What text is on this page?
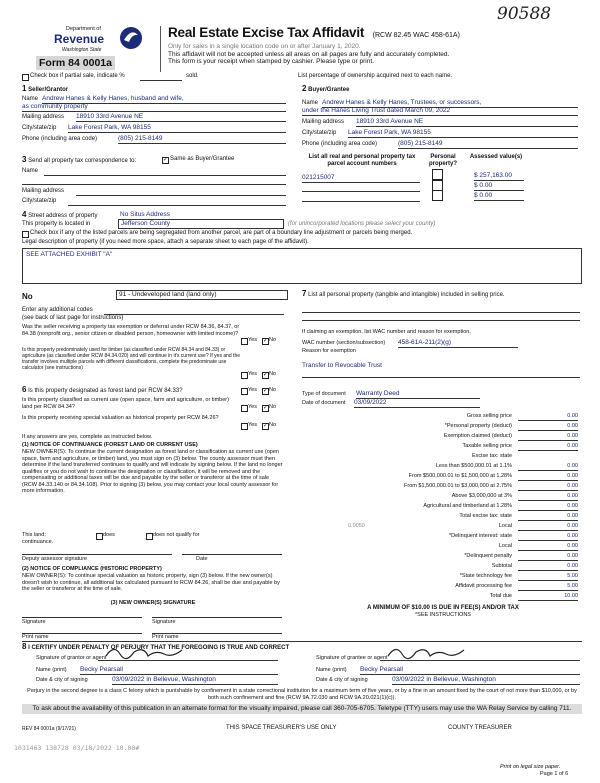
90588
Department of
Revenue
Washington State
Form 84 0001a
Real Estate Excise Tax Affidavit (RCW 82.45 WAC 458-61A)
Only for sales in a single location code on or after January 1, 2020.
This affidavit will not be accepted unless all areas on all pages are fully and accurately completed.
This form is your receipt when stamped by cashier. Please type or print.
Check box if partial sale, indicate %	sold.	List percentage of ownership acquired next to each name.
1 Seller/Grantor
Name Andrew Hanes & Kelly Hanes, husband and wife,
as community property
Mailing address 18910 33rd Avenue NE
City/state/zip Lake Forest Park, WA 98155
Phone (including area code)	(805) 215-8149
2 Buyer/Grantee
Name Andrew Hanes & Kelly Hanes, Trustees, or successors,
under the Hanes Living Trust dated March 09, 2022
Mailing address 18910 33rd Avenue NE
City/state/zip Lake Forest Park, WA 98155
Phone (including area code)	(805) 215-8149
3 Send all property tax correspondence to:	✓ Same as Buyer/Grantee
Name
Mailing address
City/state/zip
List all real and personal property tax parcel account numbers
Personal property?
Assessed value(s)
021215007	$ 257,163.00
$ 0.00
$ 0.00
4 Street address of property	No Situs Address
This property is located in	Jefferson County	(for unincorporated locations please select your county)
Check box if any of the listed parcels are being segregated from another parcel, are part of a boundary line adjustment or parcels being merged.
Legal description of property (if you need more space, attach a separate sheet to each page of the affidavit).
SEE ATTACHED EXHIBIT "A"
No	91 - Undeveloped land (land only)
Enter any additional codes
(see back of last page for instructions)
Was the seller receiving a property tax exemption or deferral under RCW 84.36, 84.37, or 84.38 (nonprofit org., senior citizen or disabled person, homeowner with limited income)?
Yes ✓ No
Is this property predominately used for timber (as classified under RCW 84.34 and 84.33) or agriculture (as classified under RCW 84.34.020) and will continue in it's current use? If yes and the transfer involves multiple parcels with different classifications, complete the predominate use calculator (see instructions)
Yes ✓ No
6 Is this property designated as forest land per RCW 84.33?	Yes ✓ No
Is this property classified as current use (open space, farm and agriculture, or timber) land per RCW 84.34?	Yes ✓ No
Is this property receiving special valuation as historical property per RCW 84.26?
Yes ✓ No
If any answers are yes, complete as instructed below.
(1) NOTICE OF CONTINUANCE (FOREST LAND OR CURRENT USE)
NEW OWNER(S): To continue the current designation as forest land or classification as current use (open space, farm and agriculture, or timber) land, you must sign on (3) below. The county assessor must then determine if the land transferred continues to qualify and will indicate by signing below. If the land no longer qualifies or you do not wish to continue the designation or classification, it will be removed and the compensating or additional taxes will be due and payable by the seller or transferor at the time of sale (RCW 84.33.140 or 84.34.108). Prior to signing (3) below, you may contact your local county assessor for more information.
This land:	does	does not qualify for
continuance.
Deputy assessor signature	Date
(2) NOTICE OF COMPLIANCE (HISTORIC PROPERTY)
NEW OWNER(S): To continue special valuation as historic property, sign (3) below. If the new owner(s) doesn't wish to continue, all additional tax calculated pursuant to RCW 84.26, shall be due and payable by the seller or transferor at the time of sale.
(3) NEW OWNER(S) SIGNATURE
Signature	Signature
Print name	Print name
7 List all personal property (tangible and intangible) included in selling price.
If claiming an exemption, list WAC number and reason for exemption.
WAC number (section/subsection) 458-61A-211(2)(g)
Reason for exemption
Transfer to Revocable Trust
Type of document Warranty Deed
Date of document 03/09/2022
Gross selling price	0.00
*Personal property (deduct)	0.00
Exemption claimed (deduct)	0.00
Taxable selling price	0.00
Excise tax: state
Less than $500,000.01 at 1.1%	0.00
From $500,000.01 to $1,500,000 at 1.28%	0.00
From $1,500,000.01 to $3,000,000 at 2.75%	0.00
Above $3,000,000 at 3%	0.00
Agricultural and timberland at 1.28%	0.00
Total excise tax: state	0.00
0.0050	Local	0.00
*Delinquent interest: state	0.00
Local	0.00
*Delinquent penalty	0.00
Subtotal	0.00
*State technology fee	5.00
Affidavit processing fee	5.00
Total due	10.00
A MINIMUM OF $10.00 IS DUE IN FEE(S) AND/OR TAX
*SEE INSTRUCTIONS
8 I CERTIFY UNDER PENALTY OF PERJURY THAT THE FOREGOING IS TRUE AND CORRECT
Signature of grantor or agent
Name (print) Becky Pearsall
Date & city of signing	03/09/2022 in Bellevue, Washington
Signature of grantee or agent
Name (print) Becky Pearsall
Date & city of signing	03/09/2022 in Bellevue, Washington
Perjury in the second degree is a class C felony which is punishable by confinement in a state correctional institution for a maximum term of five years, or by a fine in an amount fixed by the court of not more than $10,000, or by both such confinement and fine (RCW 9A.72.030 and RCW 9A.20.021(1)(c)).
To ask about the availability of this publication in an alternate format for the visually impaired, please call 360-705-6705. Teletype (TTY) users may use the WA Relay Service by calling 711.
REV 84 0001a (9/17/21)	THIS SPACE TREASURER'S USE ONLY	COUNTY TREASURER
1031463 138728 03/18/2022 10.00#
Print on legal size paper.
Page 1 of 6
